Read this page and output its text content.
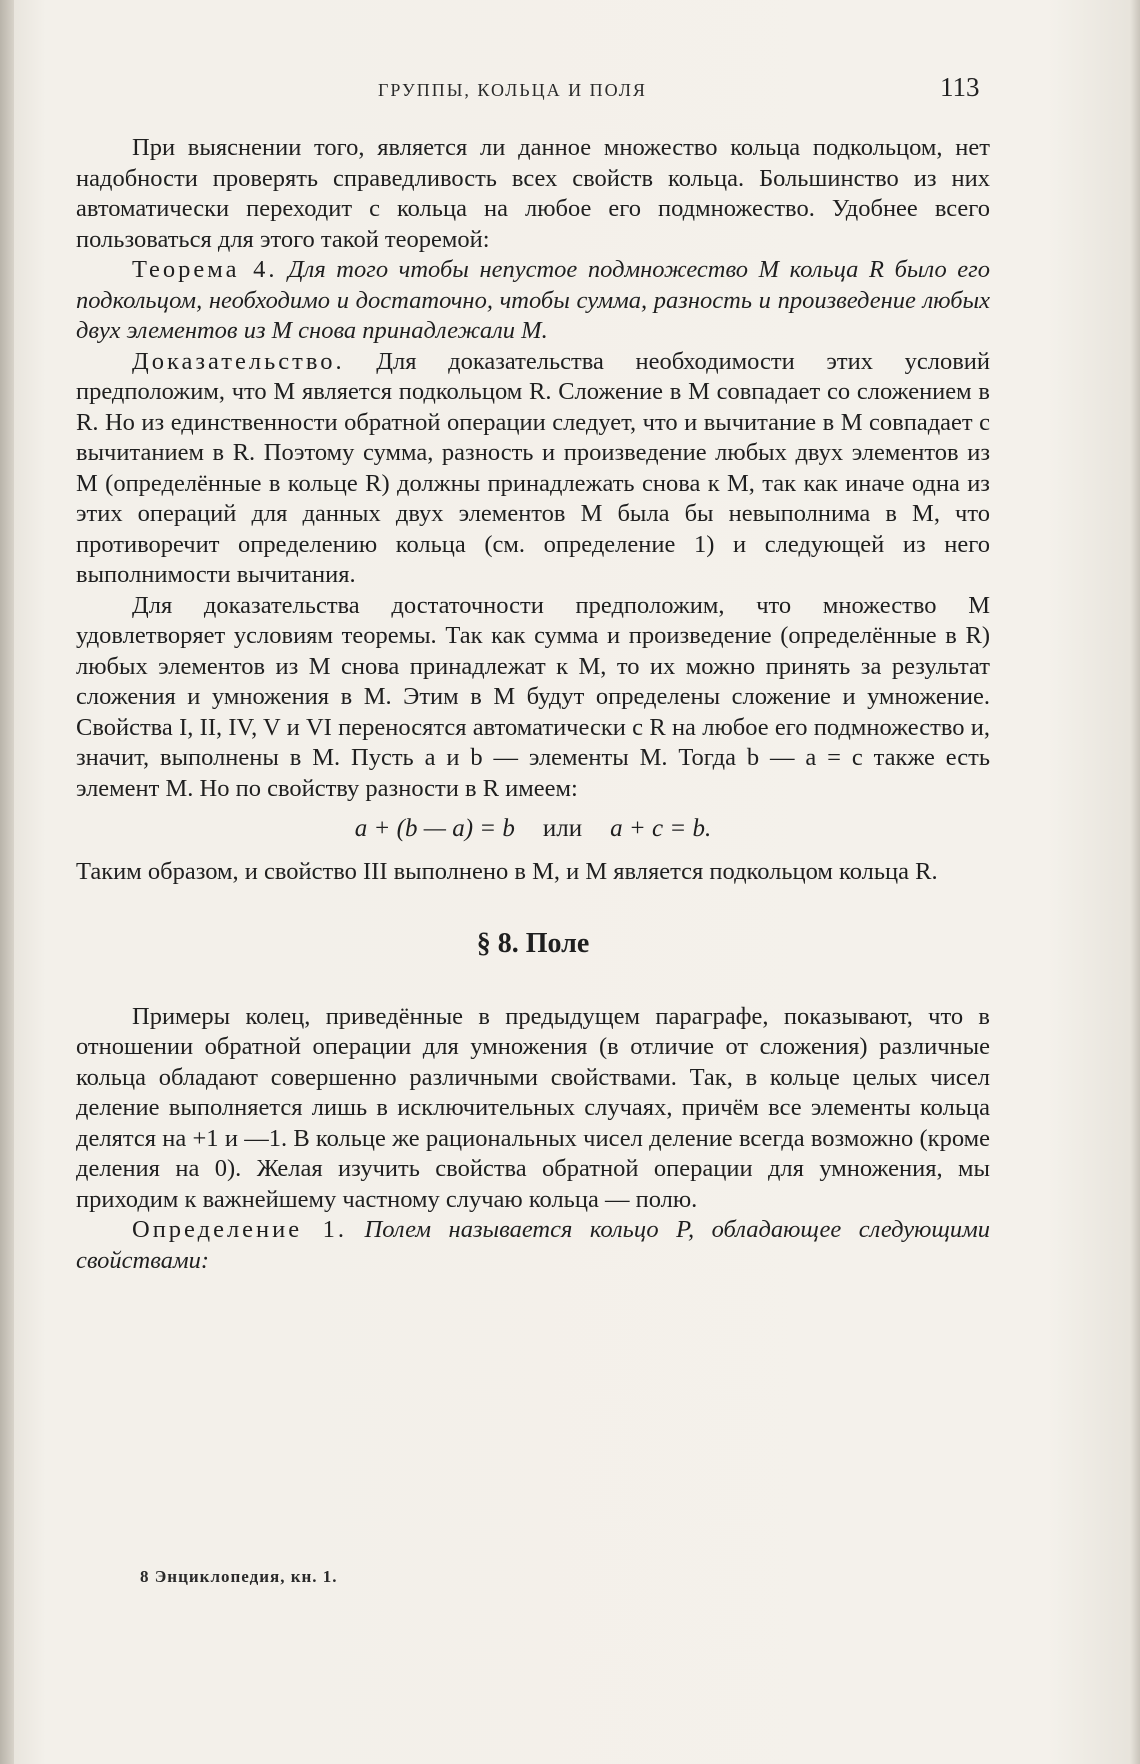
ГРУППЫ, КОЛЬЦА И ПОЛЯ	113

При выяснении того, является ли данное множество кольца подкольцом, нет надобности проверять справедливость всех свойств кольца. Большинство из них автоматически переходит с кольца на любое его подмножество. Удобнее всего пользоваться для этого такой теоремой:

Теорема 4. Для того чтобы непустое подмножество M кольца R было его подкольцом, необходимо и достаточно, чтобы сумма, разность и произведение любых двух элементов из M снова принадлежали M.

Доказательство. Для доказательства необходимости этих условий предположим, что M является подкольцом R. Сложение в M совпадает со сложением в R. Но из единственности обратной операции следует, что и вычитание в M совпадает с вычитанием в R. Поэтому сумма, разность и произведение любых двух элементов из M (определённые в кольце R) должны принадлежать снова к M, так как иначе одна из этих операций для данных двух элементов M была бы невыполнима в M, что противоречит определению кольца (см. определение 1) и следующей из него выполнимости вычитания.

Для доказательства достаточности предположим, что множество M удовлетворяет условиям теоремы. Так как сумма и произведение (определённые в R) любых элементов из M снова принадлежат к M, то их можно принять за результат сложения и умножения в M. Этим в M будут определены сложение и умножение. Свойства I, II, IV, V и VI переносятся автоматически с R на любое его подмножество и, значит, выполнены в M. Пусть a и b — элементы M. Тогда b — a = c также есть элемент M. Но по свойству разности в R имеем:

a + (b — a) = b или a + c = b.

Таким образом, и свойство III выполнено в M, и M является подкольцом кольца R.

§ 8. Поле

Примеры колец, приведённые в предыдущем параграфе, показывают, что в отношении обратной операции для умножения (в отличие от сложения) различные кольца обладают совершенно различными свойствами. Так, в кольце целых чисел деление выполняется лишь в исключительных случаях, причём все элементы кольца делятся на +1 и —1. В кольце же рациональных чисел деление всегда возможно (кроме деления на 0). Желая изучить свойства обратной операции для умножения, мы приходим к важнейшему частному случаю кольца — полю.

Определение 1. Полем называется кольцо P, обладающее следующими свойствами:

8 Энциклопедия, кн. 1.
